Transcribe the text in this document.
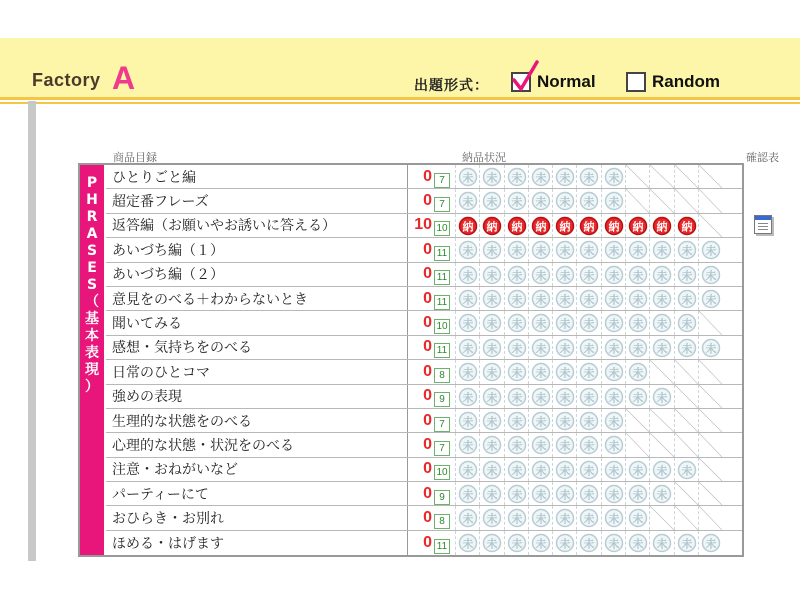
Factory A	出題形式：	Normal	Random
商品目録	納品状況	確認表
P
H
R
A
S
E
S
（
基
本
表
現
）
ひとりごと編	0 7	未 未 未 未 未 未 未
超定番フレーズ	0 7	未 未 未 未 未 未 未
返答編（お願いやお誘いに答える）	10 10 納 納 納 納 納 納 納 納 納 納
あいづち編（１）	0 11 未 未 未 未 未 未 未 未 未 未 未
あいづち編（２）	0 11 未 未 未 未 未 未 未 未 未 未 未
意見をのべる＋わからないとき	0 11 未 未 未 未 未 未 未 未 未 未 未
聞いてみる	0 10 未 未 未 未 未 未 未 未 未 未
感想・気持ちをのべる	0 11 未 未 未 未 未 未 未 未 未 未 未
日常のひとコマ	0 8	未 未 未 未 未 未 未 未
強めの表現	0 9	未 未 未 未 未 未 未 未 未
生理的な状態をのべる	0 7	未 未 未 未 未 未 未
心理的な状態・状況をのべる	0 7	未 未 未 未 未 未 未
注意・おねがいなど	0 10 未 未 未 未 未 未 未 未 未 未
パーティーにて	0 9	未 未 未 未 未 未 未 未 未
おひらき・お別れ	0 8	未 未 未 未 未 未 未 未
ほめる・はげます	0 11 未 未 未 未 未 未 未 未 未 未 未
